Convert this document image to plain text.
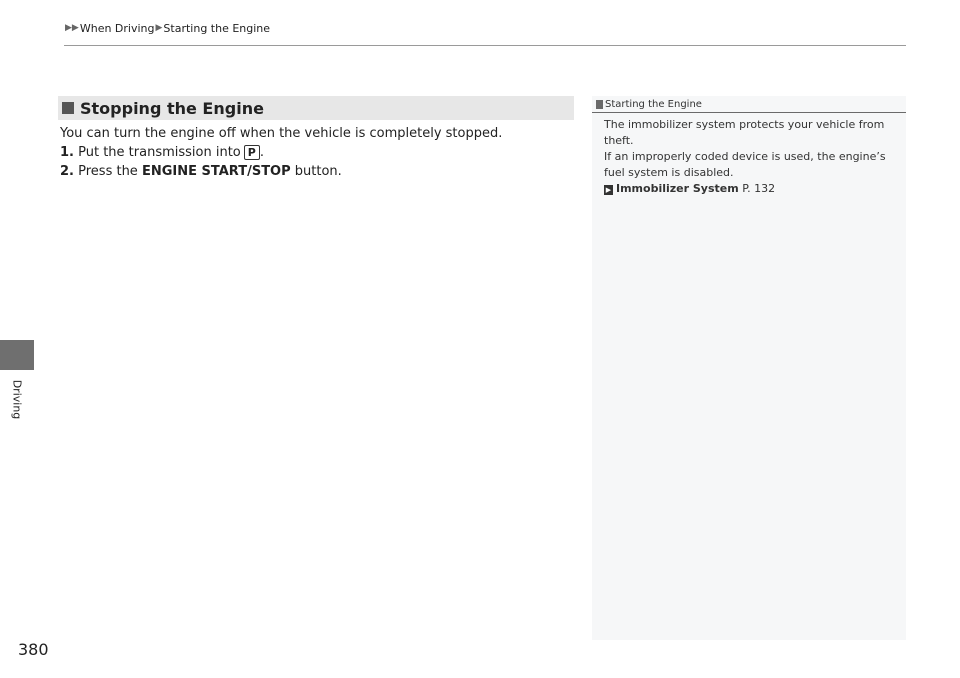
▶▶ When Driving ▶ Starting the Engine
Driving
Stopping the Engine

You can turn the engine off when the vehicle is completely stopped.

1. Put the transmission into P .

2. Press the ENGINE START/STOP button.

Starting the Engine

The immobilizer system protects your vehicle from theft.

If an improperly coded device is used, the engine’s fuel system is disabled.

▶ Immobilizer System P. 132

380
